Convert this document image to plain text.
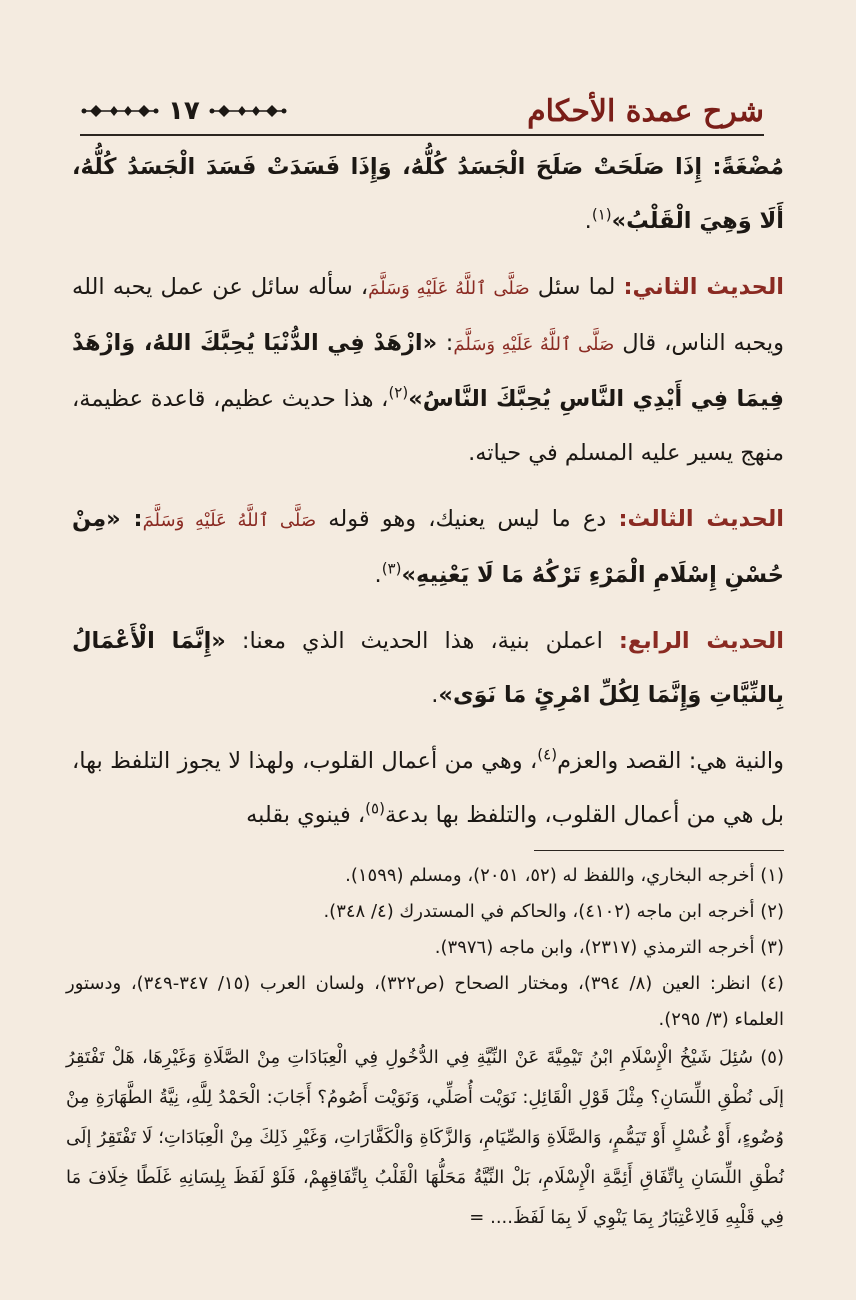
شرح عمدة الأحكام
١٧

مُضْغَةً: إِذَا صَلَحَتْ صَلَحَ الْجَسَدُ كُلُّهُ، وَإِذَا فَسَدَتْ فَسَدَ الْجَسَدُ كُلُّهُ، أَلَا وَهِيَ الْقَلْبُ»$^{(١)}$.

الحديث الثاني: لما سئل صَلَّى ٱللَّهُ عَلَيْهِ وَسَلَّمَ، سأله سائل عن عمل يحبه الله ويحبه الناس، قال صَلَّى ٱللَّهُ عَلَيْهِ وَسَلَّمَ: «ازْهَدْ فِي الدُّنْيَا يُحِبَّكَ اللهُ، وَازْهَدْ فِيمَا فِي أَيْدِي النَّاسِ يُحِبَّكَ النَّاسُ»$^{(٢)}$، هذا حديث عظيم، قاعدة عظيمة، منهج يسير عليه المسلم في حياته.

الحديث الثالث: دع ما ليس يعنيك، وهو قوله صَلَّى ٱللَّهُ عَلَيْهِ وَسَلَّمَ: «مِنْ حُسْنِ إِسْلَامِ الْمَرْءِ تَرْكُهُ مَا لَا يَعْنِيهِ»$^{(٣)}$.

الحديث الرابع: اعملن بنية، هذا الحديث الذي معنا: «إِنَّمَا الْأَعْمَالُ بِالنِّيَّاتِ وَإِنَّمَا لِكُلِّ امْرِئٍ مَا نَوَى».

والنية هي: القصد والعزم$^{(٤)}$، وهي من أعمال القلوب، ولهذا لا يجوز التلفظ بها، بل هي من أعمال القلوب، والتلفظ بها بدعة$^{(٥)}$، فينوي بقلبه

(١) أخرجه البخاري، واللفظ له (٥٢، ٢٠٥١)، ومسلم (١٥٩٩).

(٢) أخرجه ابن ماجه (٤١٠٢)، والحاكم في المستدرك (٤/ ٣٤٨).

(٣) أخرجه الترمذي (٢٣١٧)، وابن ماجه (٣٩٧٦).

(٤) انظر: العين (٨/ ٣٩٤)، ومختار الصحاح (ص٣٢٢)، ولسان العرب (١٥/ ٣٤٧-٣٤٩)، ودستور العلماء (٣/ ٢٩٥).

(٥) سُئِلَ شَيْخُ الْإِسْلَامِ ابْنُ تَيْمِيَّةَ عَنْ النِّيَّةِ فِي الدُّخُولِ فِي الْعِبَادَاتِ مِنْ الصَّلَاةِ وَغَيْرِهَا، هَلْ تَفْتَقِرُ إلَى نُطْقِ اللِّسَانِ؟ مِثْلَ قَوْلِ الْقَائِلِ: نَوَيْت أُصَلِّي، وَنَوَيْت أَصُومُ؟ أَجَابَ: الْحَمْدُ لِلَّهِ، نِيَّةُ الطَّهَارَةِ مِنْ وُضُوءٍ، أَوْ غُسْلٍ أَوْ تَيَمُّمٍ، وَالصَّلَاةِ وَالصِّيَامِ، وَالزَّكَاةِ وَالْكَفَّارَاتِ، وَغَيْرِ ذَلِكَ مِنْ الْعِبَادَاتِ؛ لَا تَفْتَقِرُ إلَى نُطْقِ اللِّسَانِ بِاتِّفَاقِ أَئِمَّةِ الْإِسْلَامِ، بَلْ النِّيَّةُ مَحَلُّهَا الْقَلْبُ بِاتِّفَاقِهِمْ، فَلَوْ لَفَظَ بِلِسَانِهِ غَلَطًا خِلَافَ مَا فِي قَلْبِهِ فَالِاعْتِبَارُ بِمَا يَنْوِي لَا بِمَا لَفَظَ.... =
